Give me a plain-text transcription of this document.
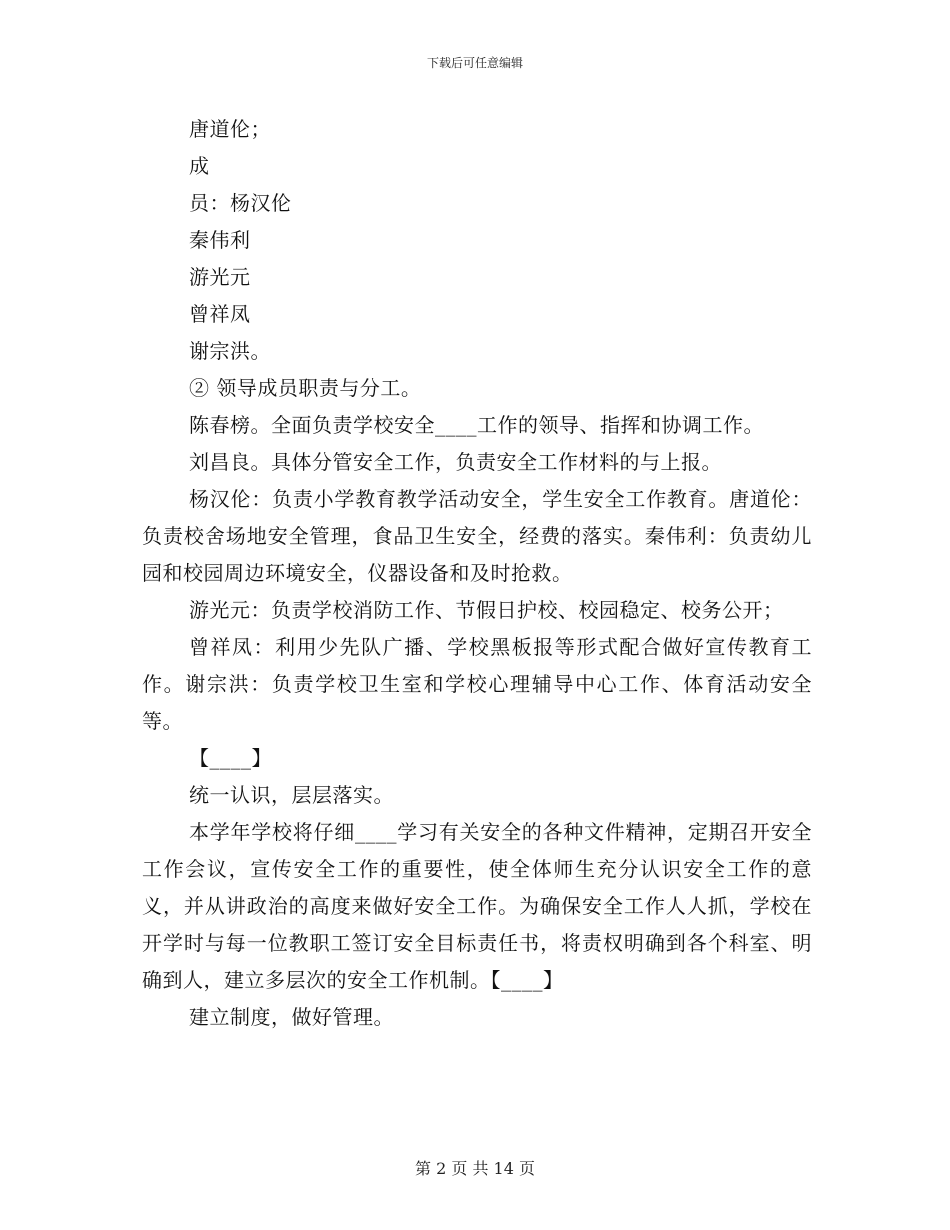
下载后可任意编辑

唐道伦；

成

员：杨汉伦

秦伟利

游光元

曾祥凤

谢宗洪。

② 领导成员职责与分工。

陈春榜。全面负责学校安全____工作的领导、指挥和协调工作。

刘昌良。具体分管安全工作，负责安全工作材料的与上报。

杨汉伦：负责小学教育教学活动安全，学生安全工作教育。唐道伦：负责校舍场地安全管理，食品卫生安全，经费的落实。秦伟利：负责幼儿园和校园周边环境安全，仪器设备和及时抢救。

游光元：负责学校消防工作、节假日护校、校园稳定、校务公开；

曾祥凤：利用少先队广播、学校黑板报等形式配合做好宣传教育工作。谢宗洪：负责学校卫生室和学校心理辅导中心工作、体育活动安全等。

【____】

统一认识，层层落实。

本学年学校将仔细____学习有关安全的各种文件精神，定期召开安全工作会议，宣传安全工作的重要性，使全体师生充分认识安全工作的意义，并从讲政治的高度来做好安全工作。为确保安全工作人人抓，学校在开学时与每一位教职工签订安全目标责任书，将责权明确到各个科室、明确到人，建立多层次的安全工作机制。【____】

建立制度，做好管理。

第 2 页 共 14 页
